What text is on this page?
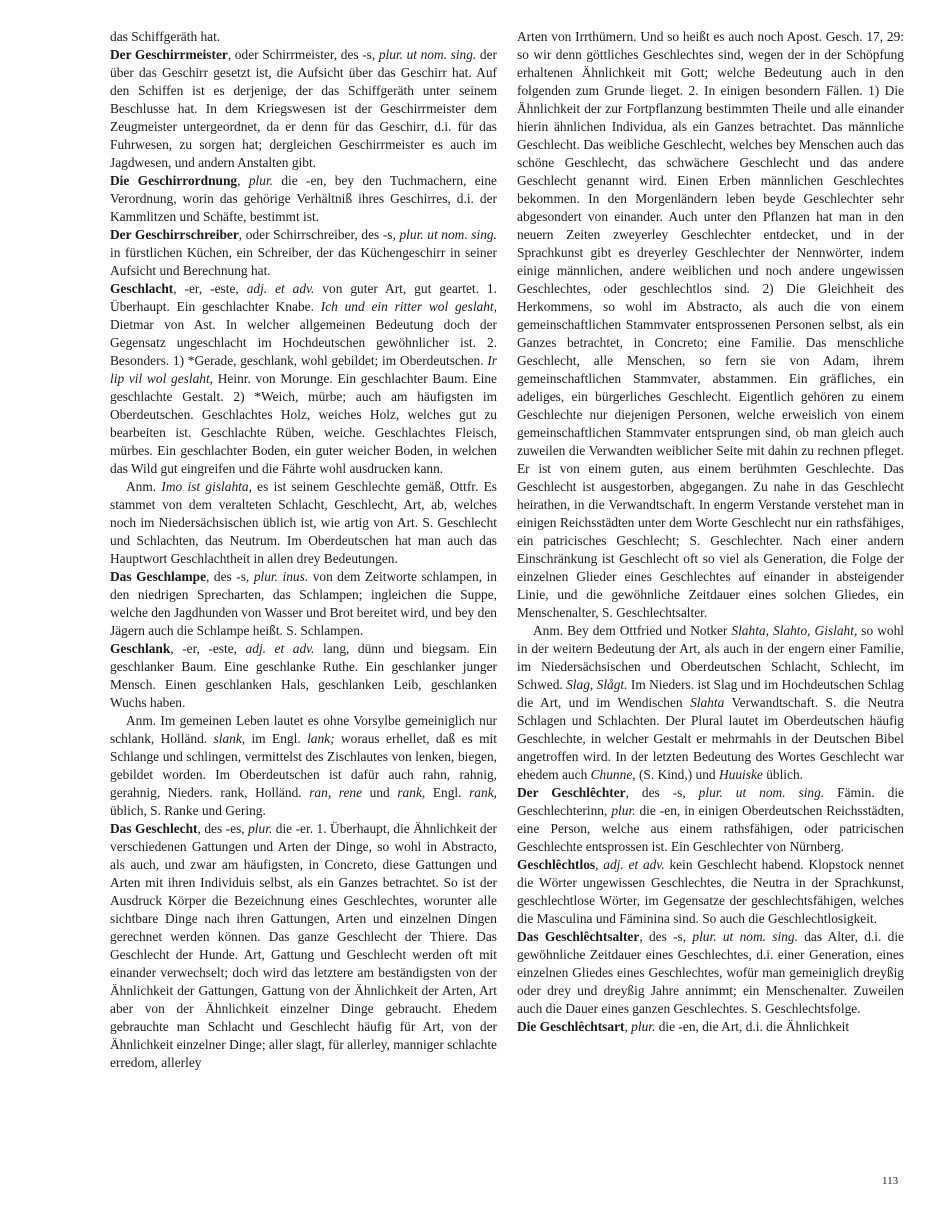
das Schiffgeräth hat.

Der Geschirrmeister, oder Schirrmeister, des -s, plur. ut nom. sing. der über das Geschirr gesetzt ist, die Aufsicht über das Geschirr hat. Auf den Schiffen ist es derjenige, der das Schiffgeräth unter seinem Beschlusse hat. In dem Kriegswesen ist der Geschirrmeister dem Zeugmeister untergeordnet, da er denn für das Geschirr, d.i. für das Fuhrwesen, zu sorgen hat; dergleichen Geschirrmeister es auch im Jagdwesen, und andern Anstalten gibt.

Die Geschirrordnung, plur. die -en, bey den Tuchmachern, eine Verordnung, worin das gehörige Verhältniß ihres Geschirres, d.i. der Kammlitzen und Schäfte, bestimmt ist.

Der Geschirrschreiber, oder Schirrschreiber, des -s, plur. ut nom. sing. in fürstlichen Küchen, ein Schreiber, der das Küchengeschirr in seiner Aufsicht und Berechnung hat.

Geschlacht, -er, -este, adj. et adv. von guter Art, gut geartet. 1. Überhaupt. Ein geschlachter Knabe. Ich und ein ritter wol geslaht, Dietmar von Ast. In welcher allgemeinen Bedeutung doch der Gegensatz ungeschlacht im Hochdeutschen gewöhnlicher ist. 2. Besonders. 1) *Gerade, geschlank, wohl gebildet; im Oberdeutschen. Ir lip vil wol geslaht, Heinr. von Morunge. Ein geschlachter Baum. Eine geschlachte Gestalt. 2) *Weich, mürbe; auch am häufigsten im Oberdeutschen. Geschlachtes Holz, weiches Holz, welches gut zu bearbeiten ist. Geschlachte Rüben, weiche. Geschlachtes Fleisch, mürbes. Ein geschlachter Boden, ein guter weicher Boden, in welchen das Wild gut eingreifen und die Fährte wohl ausdrucken kann.

Anm. Imo ist gislahta, es ist seinem Geschlechte gemäß, Ottfr. Es stammet von dem veralteten Schlacht, Geschlecht, Art, ab, welches noch im Niedersächsischen üblich ist, wie artig von Art. S. Geschlecht und Schlachten, das Neutrum. Im Oberdeutschen hat man auch das Hauptwort Geschlachtheit in allen drey Bedeutungen.

Das Geschlampe, des -s, plur. inus. von dem Zeitworte schlampen, in den niedrigen Sprecharten, das Schlampen; ingleichen die Suppe, welche den Jagdhunden von Wasser und Brot bereitet wird, und bey den Jägern auch die Schlampe heißt. S. Schlampen.

Geschlank, -er, -este, adj. et adv. lang, dünn und biegsam. Ein geschlanker Baum. Eine geschlanke Ruthe. Ein geschlanker junger Mensch. Einen geschlanken Hals, geschlanken Leib, geschlanken Wuchs haben.

Anm. Im gemeinen Leben lautet es ohne Vorsylbe gemeiniglich nur schlank, Holländ. slank, im Engl. lank; woraus erhellet, daß es mit Schlange und schlingen, vermittelst des Zischlautes von lenken, biegen, gebildet worden. Im Oberdeutschen ist dafür auch rahn, rahnig, gerahnig, Nieders. rank, Holländ. ran, rene und rank, Engl. rank, üblich, S. Ranke und Gering.

Das Geschlecht, des -es, plur. die -er. 1. Überhaupt, die Ähnlichkeit der verschiedenen Gattungen und Arten der Dinge, so wohl in Abstracto, als auch, und zwar am häufigsten, in Concreto, diese Gattungen und Arten mit ihren Individuis selbst, als ein Ganzes betrachtet. So ist der Ausdruck Körper die Bezeichnung eines Geschlechtes, worunter alle sichtbare Dinge nach ihren Gattungen, Arten und einzelnen Dingen gerechnet werden können. Das ganze Geschlecht der Thiere. Das Geschlecht der Hunde. Art, Gattung und Geschlecht werden oft mit einander verwechselt; doch wird das letztere am beständigsten von der Ähnlichkeit der Gattungen, Gattung von der Ähnlichkeit der Arten, Art aber von der Ähnlichkeit einzelner Dinge gebraucht. Ehedem gebrauchte man Schlacht und Geschlecht häufig für Art, von der Ähnlichkeit einzelner Dinge; aller slagt, für allerley, manniger schlachte erredom, allerley

Arten von Irrthümern. Und so heißt es auch noch Apost. Gesch. 17, 29: so wir denn göttliches Geschlechtes sind, wegen der in der Schöpfung erhaltenen Ähnlichkeit mit Gott; welche Bedeutung auch in den folgenden zum Grunde lieget. 2. In einigen besondern Fällen. 1) Die Ähnlichkeit der zur Fortpflanzung bestimmten Theile und alle einander hierin ähnlichen Individua, als ein Ganzes betrachtet. Das männliche Geschlecht. Das weibliche Geschlecht, welches bey Menschen auch das schöne Geschlecht, das schwächere Geschlecht und das andere Geschlecht genannt wird. Einen Erben männlichen Geschlechtes bekommen. In den Morgenländern leben beyde Geschlechter sehr abgesondert von einander. Auch unter den Pflanzen hat man in den neuern Zeiten zweyerley Geschlechter entdecket, und in der Sprachkunst gibt es dreyerley Geschlechter der Nennwörter, indem einige männlichen, andere weiblichen und noch andere ungewissen Geschlechtes, oder geschlechtlos sind. 2) Die Gleichheit des Herkommens, so wohl im Abstracto, als auch die von einem gemeinschaftlichen Stammvater entsprossenen Personen selbst, als ein Ganzes betrachtet, in Concreto; eine Familie. Das menschliche Geschlecht, alle Menschen, so fern sie von Adam, ihrem gemeinschaftlichen Stammvater, abstammen. Ein gräfliches, ein adeliges, ein bürgerliches Geschlecht. Eigentlich gehören zu einem Geschlechte nur diejenigen Personen, welche erweislich von einem gemeinschaftlichen Stammvater entsprungen sind, ob man gleich auch zuweilen die Verwandten weiblicher Seite mit dahin zu rechnen pfleget. Er ist von einem guten, aus einem berühmten Geschlechte. Das Geschlecht ist ausgestorben, abgegangen. Zu nahe in das Geschlecht heirathen, in die Verwandtschaft. In engerm Verstande verstehet man in einigen Reichsstädten unter dem Worte Geschlecht nur ein rathsfähiges, ein patricisches Geschlecht; S. Geschlechter. Nach einer andern Einschränkung ist Geschlecht oft so viel als Generation, die Folge der einzelnen Glieder eines Geschlechtes auf einander in absteigender Linie, und die gewöhnliche Zeitdauer eines solchen Gliedes, ein Menschenalter, S. Geschlechtsalter.

Anm. Bey dem Ottfried und Notker Slahta, Slahto, Gislaht, so wohl in der weitern Bedeutung der Art, als auch in der engern einer Familie, im Niedersächsischen und Oberdeutschen Schlacht, Schlecht, im Schwed. Slag, Slågt. Im Nieders. ist Slag und im Hochdeutschen Schlag die Art, und im Wendischen Slahta Verwandtschaft. S. die Neutra Schlagen und Schlachten. Der Plural lautet im Oberdeutschen häufig Geschlechte, in welcher Gestalt er mehrmahls in der Deutschen Bibel angetroffen wird. In der letzten Bedeutung des Wortes Geschlecht war ehedem auch Chunne, (S. Kind,) und Huuiske üblich.

Der Geschlêchter, des -s, plur. ut nom. sing. Fämin. die Geschlechterinn, plur. die -en, in einigen Oberdeutschen Reichsstädten, eine Person, welche aus einem rathsfähigen, oder patricischen Geschlechte entsprossen ist. Ein Geschlechter von Nürnberg.

Geschlêchtlos, adj. et adv. kein Geschlecht habend. Klopstock nennet die Wörter ungewissen Geschlechtes, die Neutra in der Sprachkunst, geschlechtlose Wörter, im Gegensatze der geschlechtsfähigen, welches die Masculina und Fäminina sind. So auch die Geschlechtlosigkeit.

Das Geschlêchtsalter, des -s, plur. ut nom. sing. das Alter, d.i. die gewöhnliche Zeitdauer eines Geschlechtes, d.i. einer Generation, eines einzelnen Gliedes eines Geschlechtes, wofür man gemeiniglich dreyßig oder drey und dreyßig Jahre annimmt; ein Menschenalter. Zuweilen auch die Dauer eines ganzen Geschlechtes. S. Geschlechtsfolge.

Die Geschlêchtsart, plur. die -en, die Art, d.i. die Ähnlichkeit

113
